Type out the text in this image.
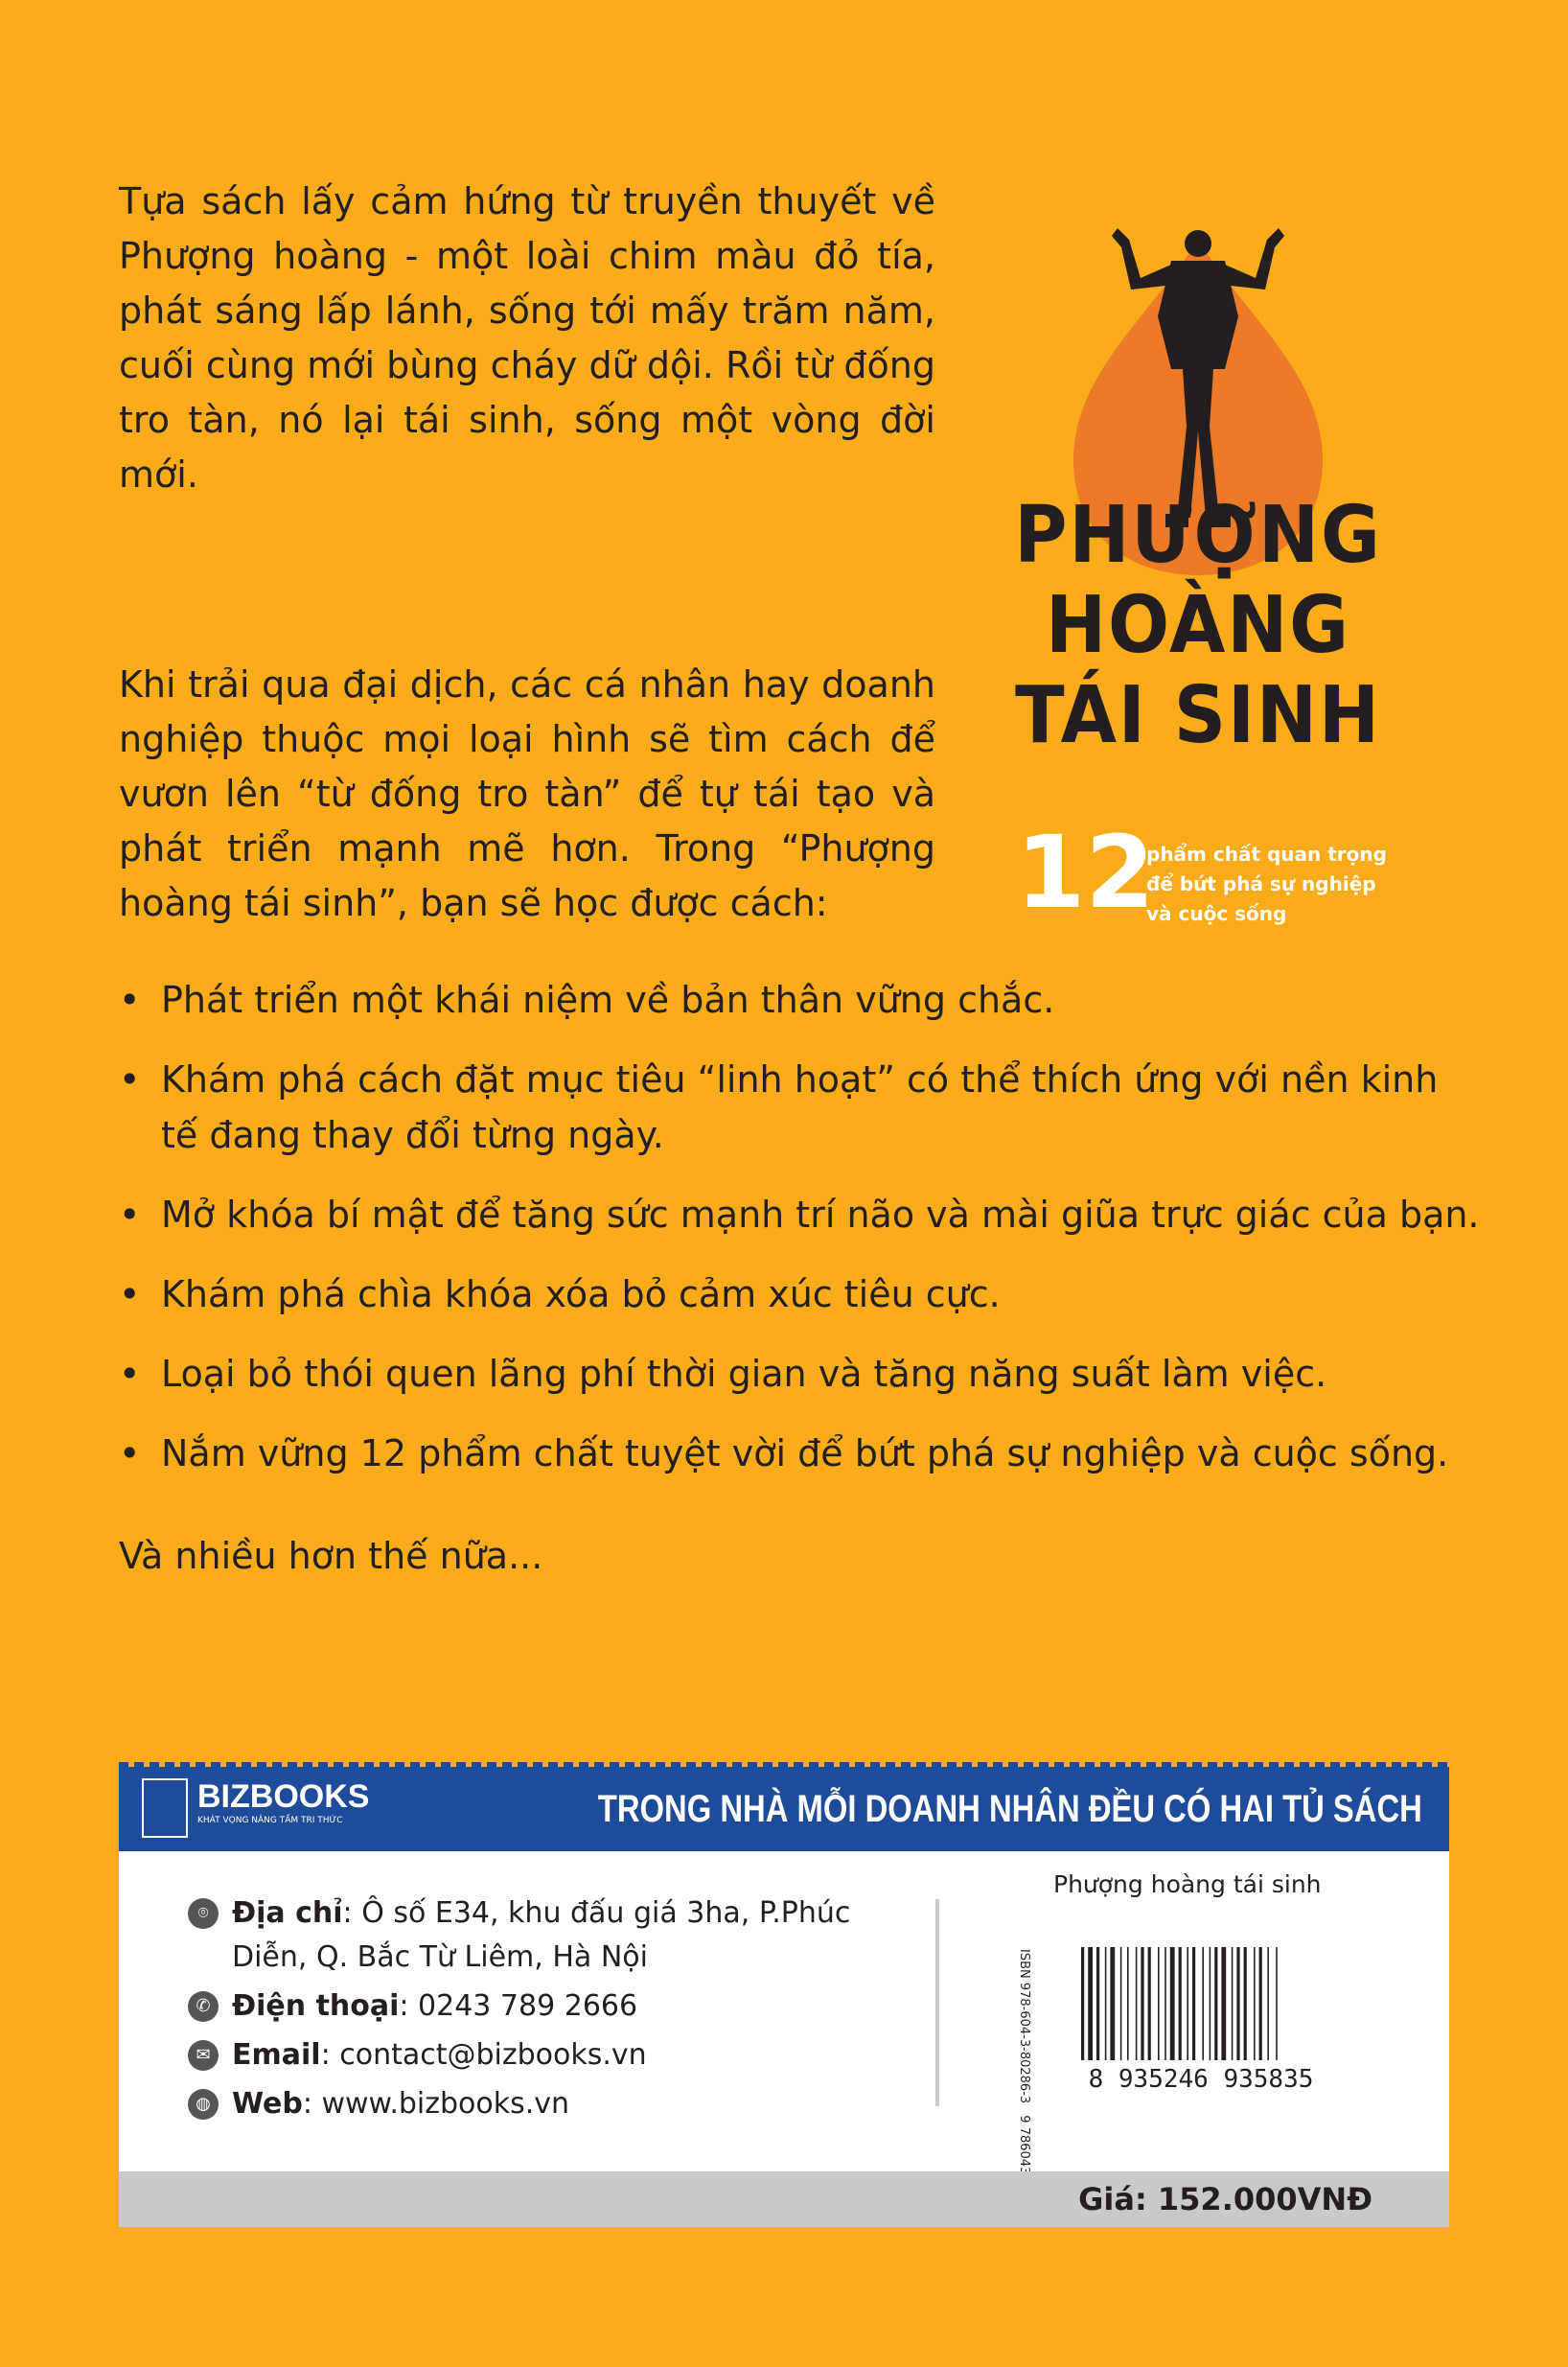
Tựa sách lấy cảm hứng từ truyền thuyết về Phượng hoàng - một loài chim màu đỏ tía, phát sáng lấp lánh, sống tới mấy trăm năm, cuối cùng mới bùng cháy dữ dội. Rồi từ đống tro tàn, nó lại tái sinh, sống một vòng đời mới.

Khi trải qua đại dịch, các cá nhân hay doanh nghiệp thuộc mọi loại hình sẽ tìm cách để vươn lên “từ đống tro tàn” để tự tái tạo và phát triển mạnh mẽ hơn. Trong “Phượng hoàng tái sinh”, bạn sẽ học được cách:

• Phát triển một khái niệm về bản thân vững chắc.
• Khám phá cách đặt mục tiêu “linh hoạt” có thể thích ứng với nền kinh tế đang thay đổi từng ngày.
• Mở khóa bí mật để tăng sức mạnh trí não và mài giũa trực giác của bạn.
• Khám phá chìa khóa xóa bỏ cảm xúc tiêu cực.
• Loại bỏ thói quen lãng phí thời gian và tăng năng suất làm việc.
• Nắm vững 12 phẩm chất tuyệt vời để bứt phá sự nghiệp và cuộc sống.

Và nhiều hơn thế nữa...

PHƯỢNG
HOÀNG
TÁI SINH
12
phẩm chất quan trọng để bứt phá sự nghiệp và cuộc sống
BIZBOOKS
KHÁT VỌNG NÂNG TẦM TRI THỨC	TRONG NHÀ MỖI DOANH NHÂN ĐỀU CÓ HAI TỦ SÁCH
⌾ Địa chỉ: Ô số E34, khu đấu giá 3ha, P.Phúc Diễn, Q. Bắc Từ Liêm, Hà Nội
✆ Điện thoại: 0243 789 2666
✉ Email: contact@bizbooks.vn
◍ Web: www.bizbooks.vn
Phượng hoàng tái sinh
ISBN 978-604-3-80286-3 8 935246 935835
Giá: 152.000VNĐ
